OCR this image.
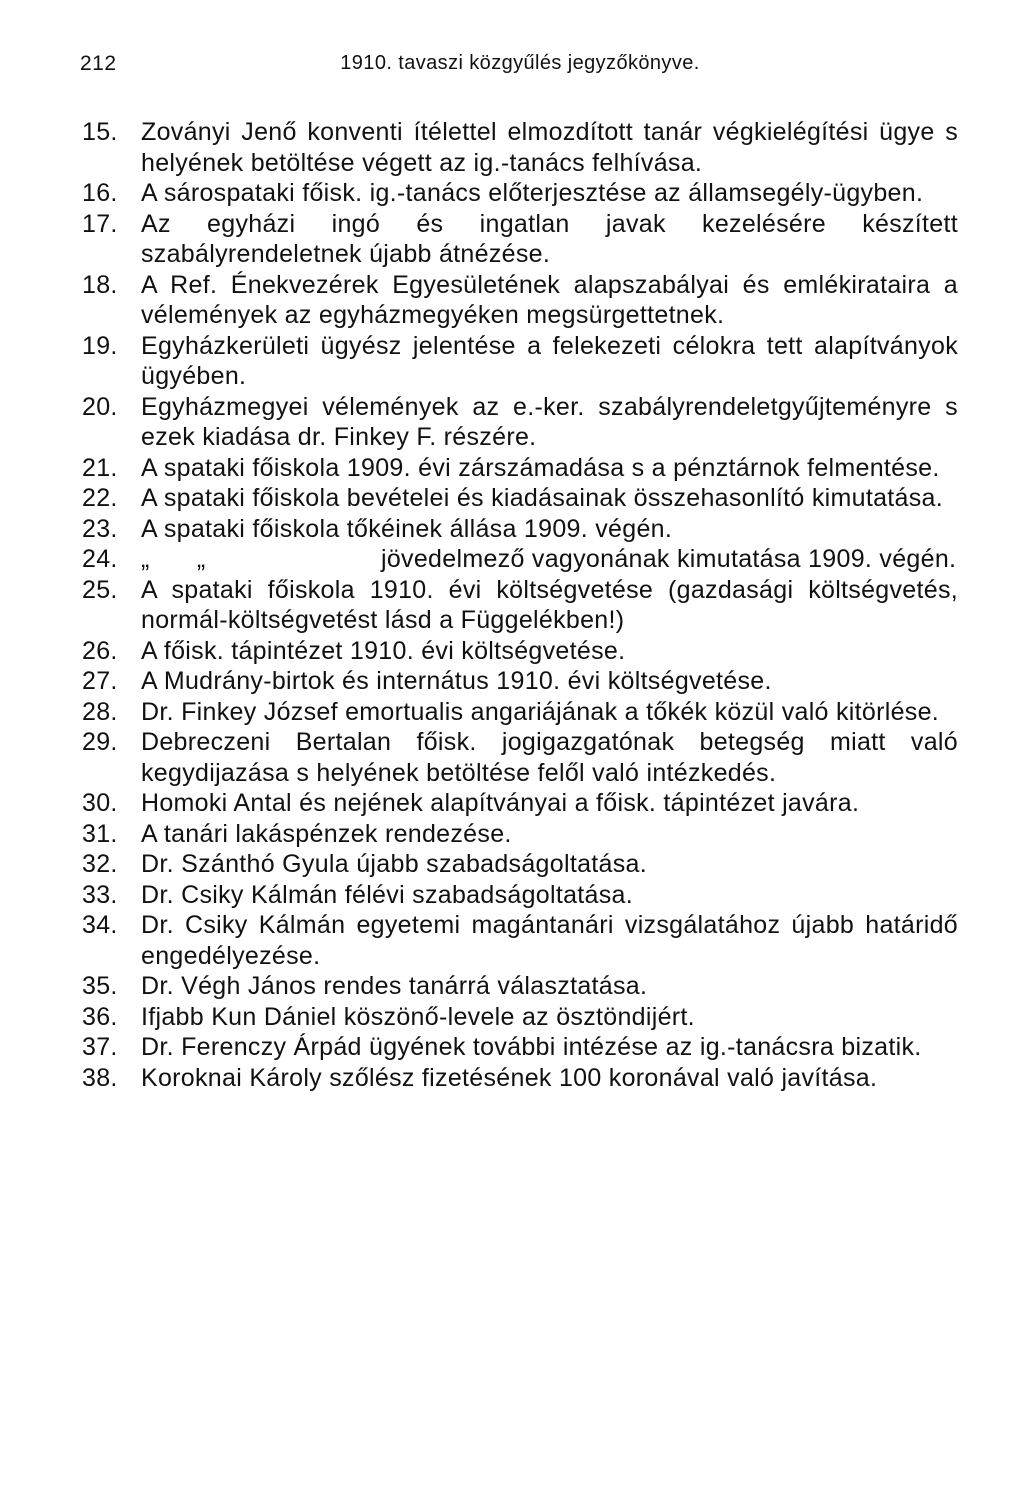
212	1910. tavaszi közgyűlés jegyzőkönyve.
15. Zoványi Jenő konventi ítélettel elmozdított tanár végkielégítési ügye s helyének betöltése végett az ig.-tanács felhívása.
16. A sárospataki főisk. ig.-tanács előterjesztése az államsegély-ügyben.
17. Az egyházi ingó és ingatlan javak kezelésére készített szabályrendeletnek újabb átnézése.
18. A Ref. Énekvezérek Egyesületének alapszabályai és emlékirataira a vélemények az egyházmegyéken megsürgettetnek.
19. Egyházkerületi ügyész jelentése a felekezeti célokra tett alapítványok ügyében.
20. Egyházmegyei vélemények az e.-ker. szabályrendeletgyűjteményre s ezek kiadása dr. Finkey F. részére.
21. A spataki főiskola 1909. évi zárszámadása s a pénztárnok felmentése.
22. A spataki főiskola bevételei és kiadásainak összehasonlító kimutatása.
23. A spataki főiskola tőkéinek állása 1909. végén.
24. „ „	jövedelmező vagyonának kimutatása 1909. végén.
25. A spataki főiskola 1910. évi költségvetése (gazdasági költségvetés, normál-költségvetést lásd a Függelékben!)
26. A főisk. tápintézet 1910. évi költségvetése.
27. A Mudrány-birtok és internátus 1910. évi költségvetése.
28. Dr. Finkey József emortualis angariájának a tőkék közül való kitörlése.
29. Debreczeni Bertalan főisk. jogigazgatónak betegség miatt való kegydijazása s helyének betöltése felől való intézkedés.
30. Homoki Antal és nejének alapítványai a főisk. tápintézet javára.
31. A tanári lakáspénzek rendezése.
32. Dr. Szánthó Gyula újabb szabadságoltatása.
33. Dr. Csiky Kálmán félévi szabadságoltatása.
34. Dr. Csiky Kálmán egyetemi magántanári vizsgálatához újabb határidő engedélyezése.
35. Dr. Végh János rendes tanárrá választatása.
36. Ifjabb Kun Dániel köszönő-levele az ösztöndijért.
37. Dr. Ferenczy Árpád ügyének további intézése az ig.-tanácsra bizatik.
38. Koroknai Károly szőlész fizetésének 100 koronával való javítása.
